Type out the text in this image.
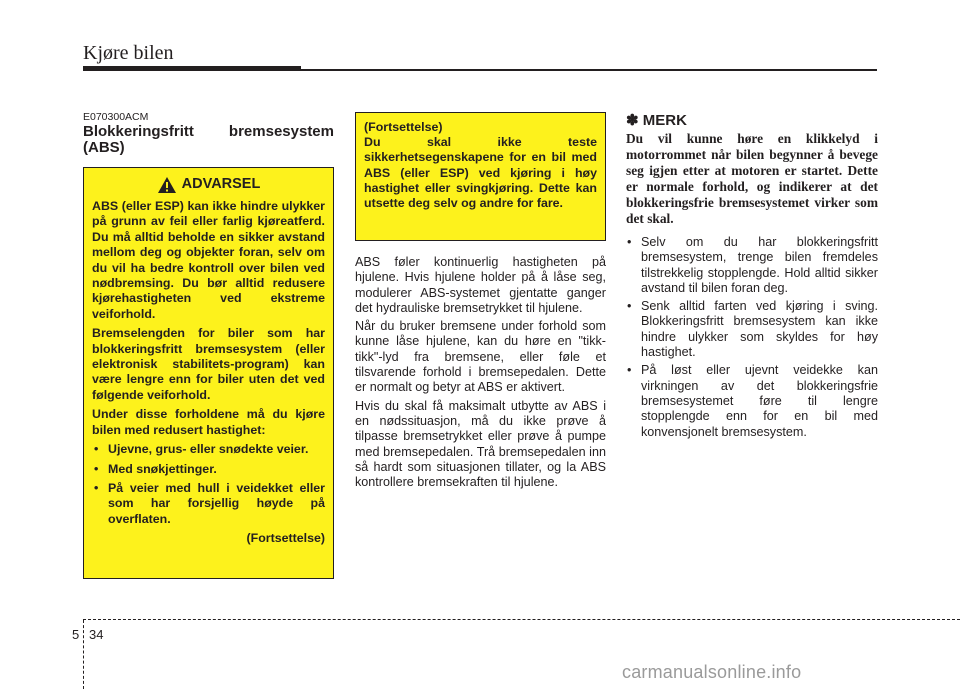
Kjøre bilen
E070300ACM
Blokkeringsfritt bremsesystem (ABS)
ADVARSEL

ABS (eller ESP) kan ikke hindre ulykker på grunn av feil eller farlig kjøreatferd. Du må alltid beholde en sikker avstand mellom deg og objekter foran, selv om du vil ha bedre kontroll over bilen ved nødbremsing. Du bør alltid redusere kjørehastigheten ved ekstreme veiforhold.

Bremselengden for biler som har blokkeringsfritt bremsesystem (eller elektronisk stabilitets-program) kan være lengre enn for biler uten det ved følgende veiforhold.

Under disse forholdene må du kjøre bilen med redusert hastighet:

• Ujevne, grus- eller snødekte veier.
• Med snøkjettinger.
• På veier med hull i veidekket eller som har forsjellig høyde på overflaten.
(Fortsettelse)
(Fortsettelse)

Du skal ikke teste sikkerhetsegenskapene for en bil med ABS (eller ESP) ved kjøring i høy hastighet eller svingkjøring. Dette kan utsette deg selv og andre for fare.

ABS føler kontinuerlig hastigheten på hjulene. Hvis hjulene holder på å låse seg, modulerer ABS-systemet gjentatte ganger det hydrauliske bremsetrykket til hjulene.

Når du bruker bremsene under forhold som kunne låse hjulene, kan du høre en "tikk-tikk"-lyd fra bremsene, eller føle et tilsvarende forhold i bremsepedalen. Dette er normalt og betyr at ABS er aktivert.

Hvis du skal få maksimalt utbytte av ABS i en nødssituasjon, må du ikke prøve å tilpasse bremsetrykket eller prøve å pumpe med bremsepedalen. Trå bremsepedalen inn så hardt som situasjonen tillater, og la ABS kontrollere bremsekraften til hjulene.

✽ MERK

Du vil kunne høre en klikkelyd i motorrommet når bilen begynner å bevege seg igjen etter at motoren er startet. Dette er normale forhold, og indikerer at det blokkeringsfrie bremsesystemet virker som det skal.

• Selv om du har blokkeringsfritt bremsesystem, trenge bilen fremdeles tilstrekkelig stopplengde. Hold alltid sikker avstand til bilen foran deg.
• Senk alltid farten ved kjøring i sving. Blokkeringsfritt bremsesystem kan ikke hindre ulykker som skyldes for høy hastighet.
• På løst eller ujevnt veidekke kan virkningen av det blokkeringsfrie bremsesystemet føre til lengre stopplengde enn for en bil med konvensjonelt bremsesystem.
5 34
carmanualsonline.info
